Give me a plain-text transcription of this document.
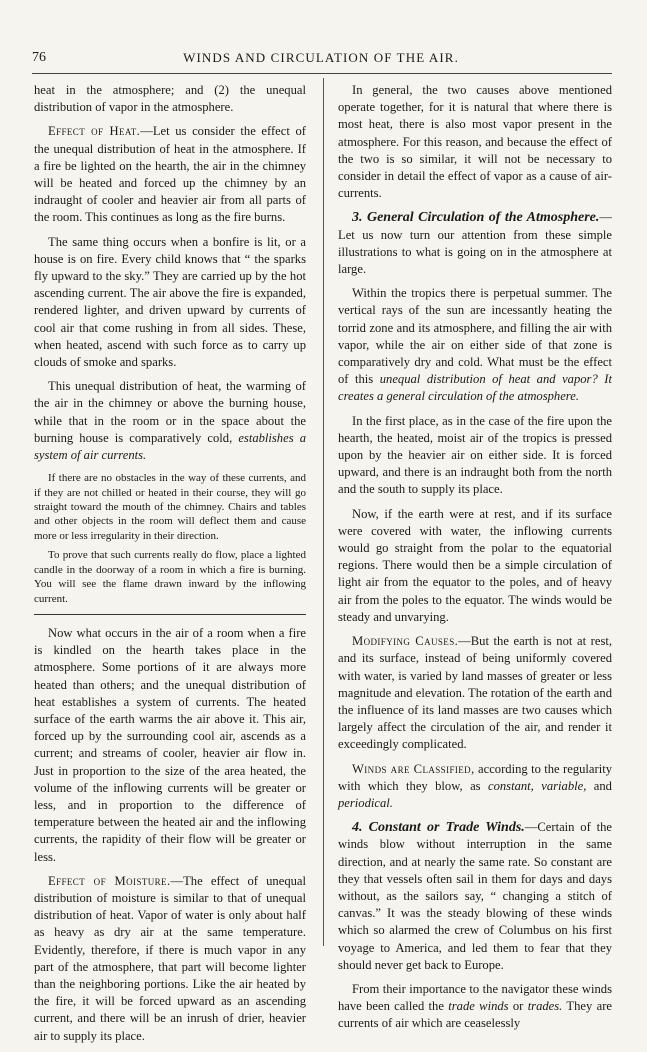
76	WINDS AND CIRCULATION OF THE AIR.

heat in the atmosphere; and (2) the unequal distribution of vapor in the atmosphere.

Effect of Heat.—Let us consider the effect of the unequal distribution of heat in the atmosphere. If a fire be lighted on the hearth, the air in the chimney will be heated and forced up the chimney by an indraught of cooler and heavier air from all parts of the room. This continues as long as the fire burns.

The same thing occurs when a bonfire is lit, or a house is on fire. Every child knows that “ the sparks fly upward to the sky.” They are carried up by the hot ascending current. The air above the fire is expanded, rendered lighter, and driven upward by currents of cool air that come rushing in from all sides. These, when heated, ascend with such force as to carry up clouds of smoke and sparks.

This unequal distribution of heat, the warming of the air in the chimney or above the burning house, while that in the room or in the space about the burning house is comparatively cold, establishes a system of air currents.

If there are no obstacles in the way of these currents, and if they are not chilled or heated in their course, they will go straight toward the mouth of the chimney. Chairs and tables and other objects in the room will deflect them and cause more or less irregularity in their direction.

To prove that such currents really do flow, place a lighted candle in the doorway of a room in which a fire is burning. You will see the flame drawn inward by the inflowing current.

Now what occurs in the air of a room when a fire is kindled on the hearth takes place in the atmosphere. Some portions of it are always more heated than others; and the unequal distribution of heat establishes a system of currents. The heated surface of the earth warms the air above it. This air, forced up by the surrounding cool air, ascends as a current; and streams of cooler, heavier air flow in. Just in proportion to the size of the area heated, the volume of the inflowing currents will be greater or less, and in proportion to the difference of temperature between the heated air and the inflowing currents, the rapidity of their flow will be greater or less.

Effect of Moisture.—The effect of unequal distribution of moisture is similar to that of unequal distribution of heat. Vapor of water is only about half as heavy as dry air at the same temperature. Evidently, therefore, if there is much vapor in any part of the atmosphere, that part will become lighter than the neighboring portions. Like the air heated by the fire, it will be forced upward as an ascending current, and there will be an inrush of drier, heavier air to supply its place.

In general, the two causes above mentioned operate together, for it is natural that where there is most heat, there is also most vapor present in the atmosphere. For this reason, and because the effect of the two is so similar, it will not be necessary to consider in detail the effect of vapor as a cause of air-currents.

3. General Circulation of the Atmosphere.—Let us now turn our attention from these simple illustrations to what is going on in the atmosphere at large.

Within the tropics there is perpetual summer. The vertical rays of the sun are incessantly heating the torrid zone and its atmosphere, and filling the air with vapor, while the air on either side of that zone is comparatively dry and cold. What must be the effect of this unequal distribution of heat and vapor? It creates a general circulation of the atmosphere.

In the first place, as in the case of the fire upon the hearth, the heated, moist air of the tropics is pressed upon by the heavier air on either side. It is forced upward, and there is an indraught both from the north and the south to supply its place.

Now, if the earth were at rest, and if its surface were covered with water, the inflowing currents would go straight from the polar to the equatorial regions. There would then be a simple circulation of light air from the equator to the poles, and of heavy air from the poles to the equator. The winds would be steady and unvarying.

Modifying Causes.—But the earth is not at rest, and its surface, instead of being uniformly covered with water, is varied by land masses of greater or less magnitude and elevation. The rotation of the earth and the influence of its land masses are two causes which largely affect the circulation of the air, and render it exceedingly complicated.

Winds are Classified, according to the regularity with which they blow, as constant, variable, and periodical.

4. Constant or Trade Winds.—Certain of the winds blow without interruption in the same direction, and at nearly the same rate. So constant are they that vessels often sail in them for days and days without, as the sailors say, “ changing a stitch of canvas.” It was the steady blowing of these winds which so alarmed the crew of Columbus on his first voyage to America, and led them to fear that they should never get back to Europe.

From their importance to the navigator these winds have been called the trade winds or trades. They are currents of air which are ceaselessly
